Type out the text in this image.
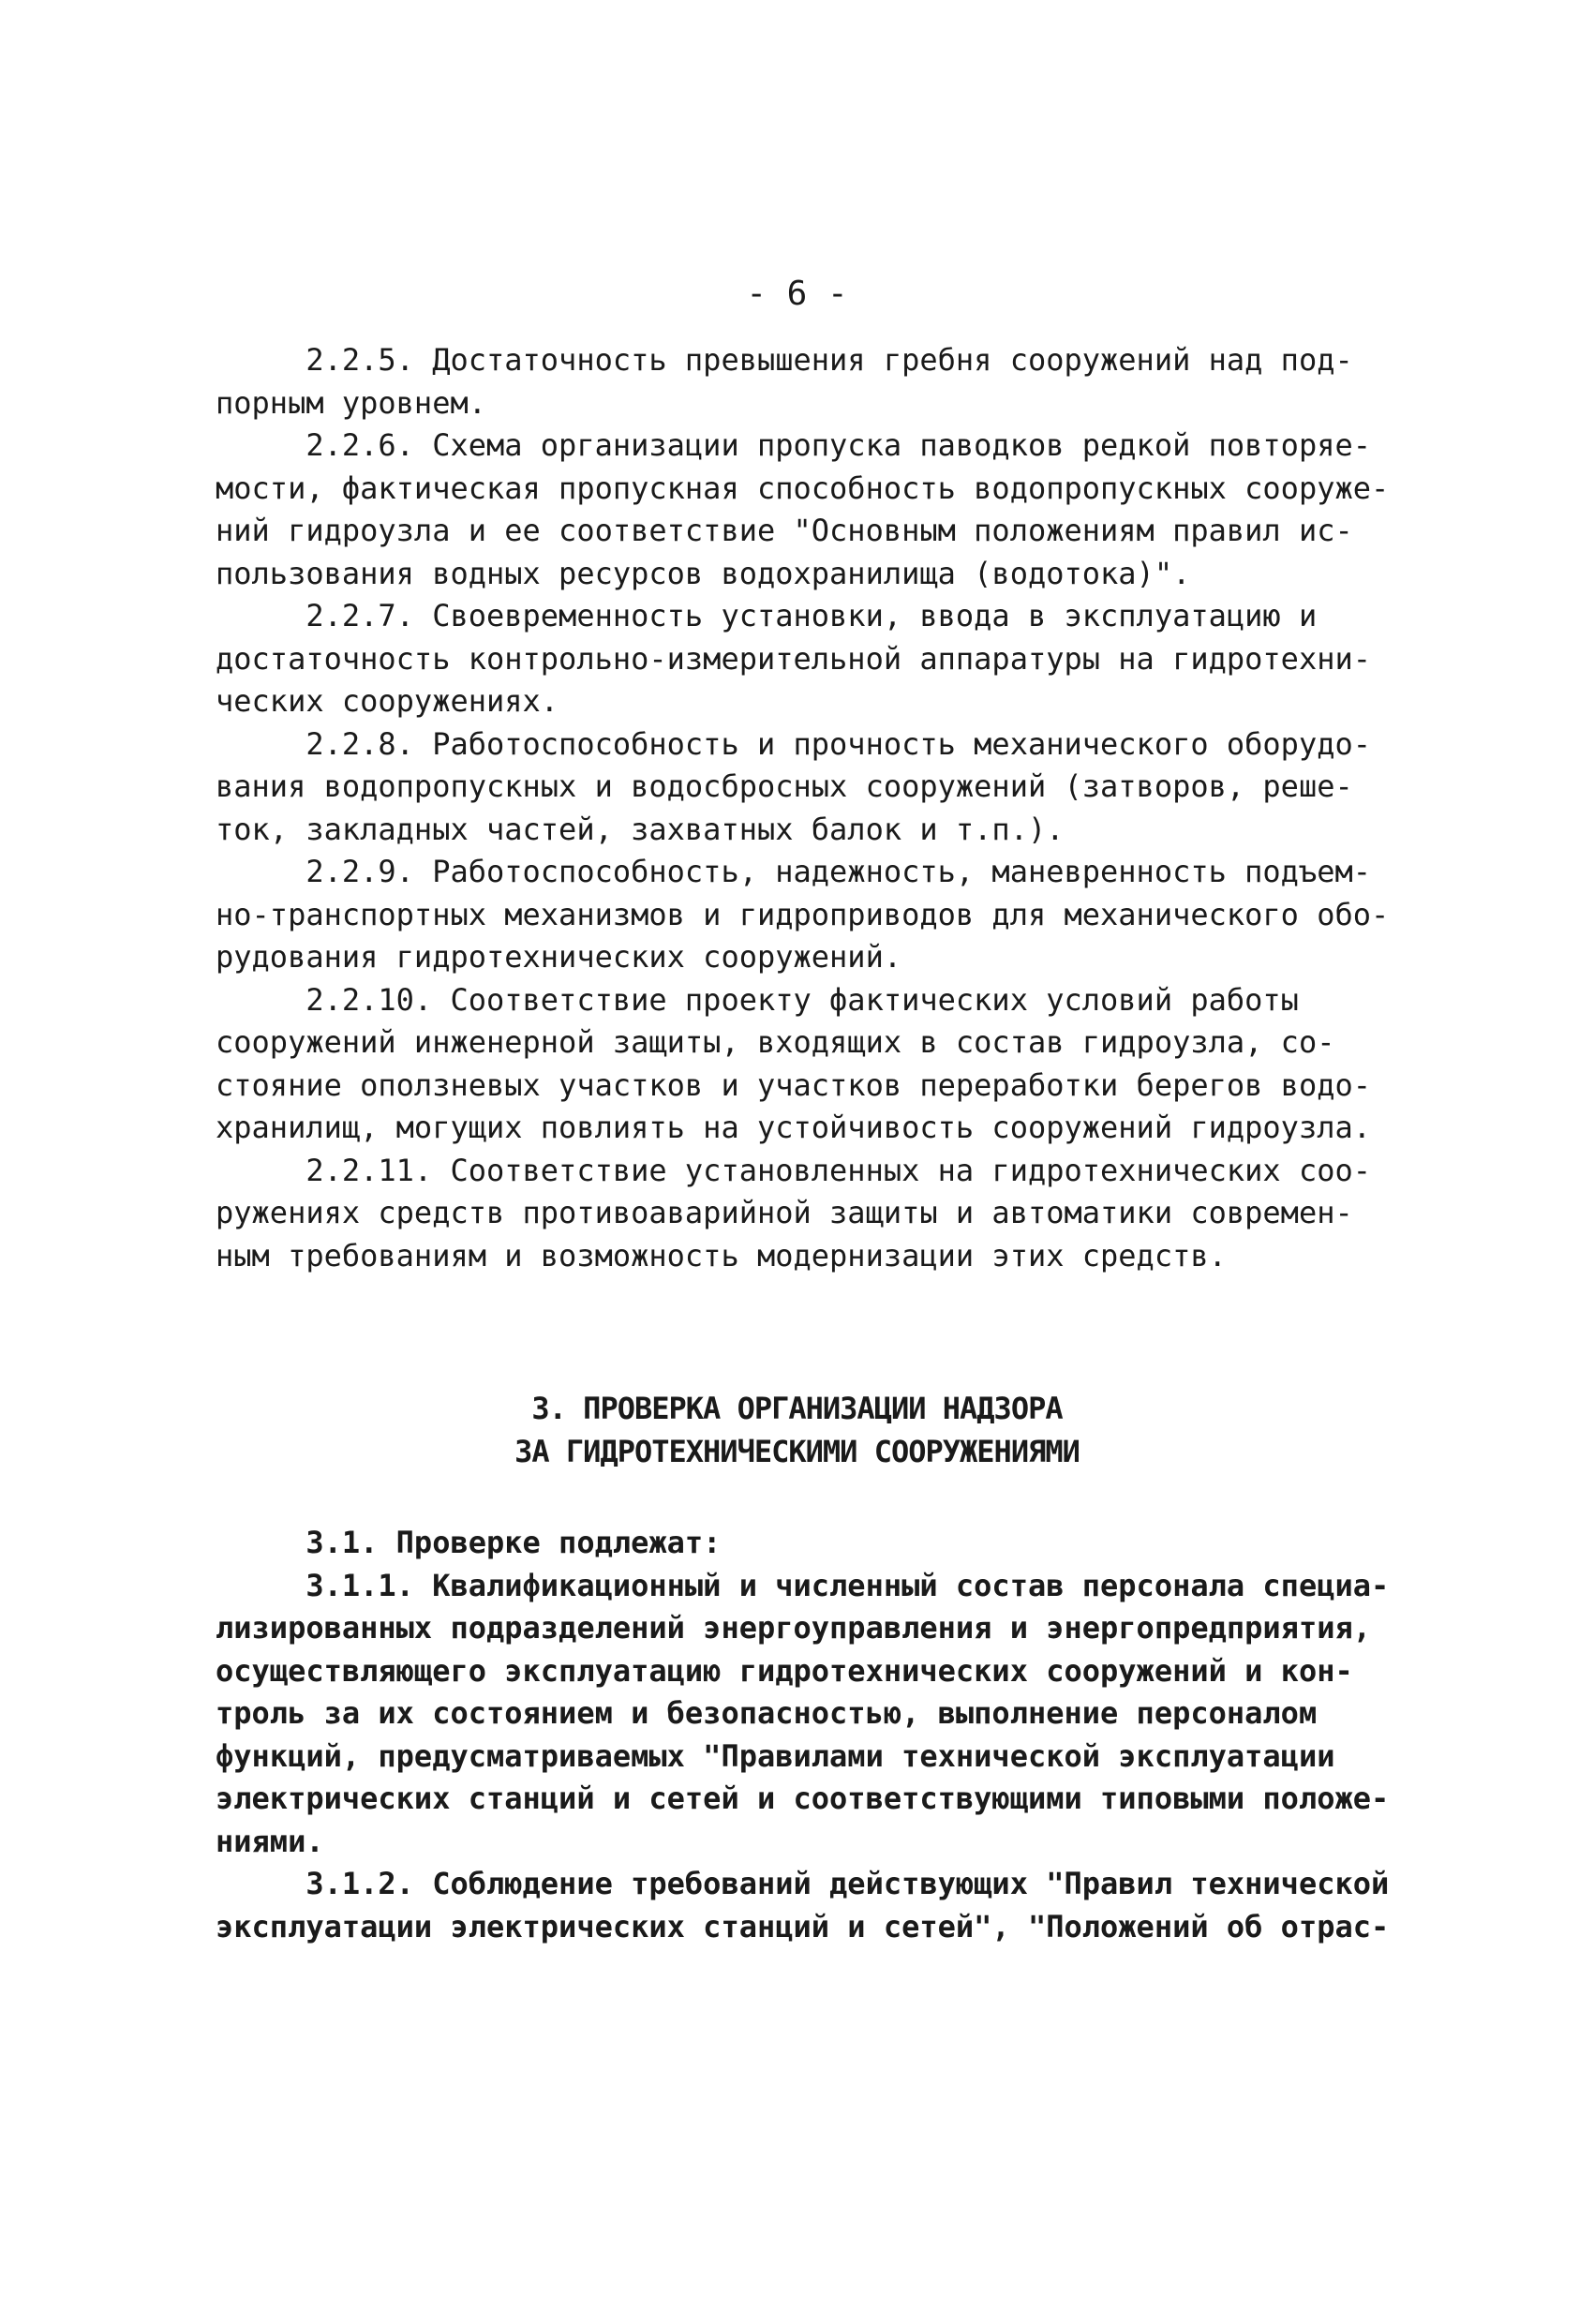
- 6 -
2.2.5. Достаточность превышения гребня сооружений над под-
порным уровнем.
2.2.6. Схема организации пропуска паводков редкой повторяе-
мости, фактическая пропускная способность водопропускных сооруже-
ний гидроузла и ее соответствие "Основным положениям правил ис-
пользования водных ресурсов водохранилища (водотока)".
2.2.7. Своевременность установки, ввода в эксплуатацию и
достаточность контрольно-измерительной аппаратуры на гидротехни-
ческих сооружениях.
2.2.8. Работоспособность и прочность механического оборудо-
вания водопропускных и водосбросных сооружений (затворов, реше-
ток, закладных частей, захватных балок и т.п.).
2.2.9. Работоспособность, надежность, маневренность подъем-
но-транспортных механизмов и гидроприводов для механического обо-
рудования гидротехнических сооружений.
2.2.10. Соответствие проекту фактических условий работы
сооружений инженерной защиты, входящих в состав гидроузла, со-
стояние оползневых участков и участков переработки берегов водо-
хранилищ, могущих повлиять на устойчивость сооружений гидроузла.
2.2.11. Соответствие установленных на гидротехнических соо-
ружениях средств противоаварийной защиты и автоматики современ-
ным требованиям и возможность модернизации этих средств.
3. ПРОВЕРКА ОРГАНИЗАЦИИ НАДЗОРА
ЗА ГИДРОТЕХНИЧЕСКИМИ СООРУЖЕНИЯМИ
3.1. Проверке подлежат:
3.1.1. Квалификационный и численный состав персонала специа-
лизированных подразделений энергоуправления и энергопредприятия,
осуществляющего эксплуатацию гидротехнических сооружений и кон-
троль за их состоянием и безопасностью, выполнение персоналом
функций, предусматриваемых "Правилами технической эксплуатации
электрических станций и сетей и соответствующими типовыми положе-
ниями.
3.1.2. Соблюдение требований действующих "Правил технической
эксплуатации электрических станций и сетей", "Положений об отрас-
